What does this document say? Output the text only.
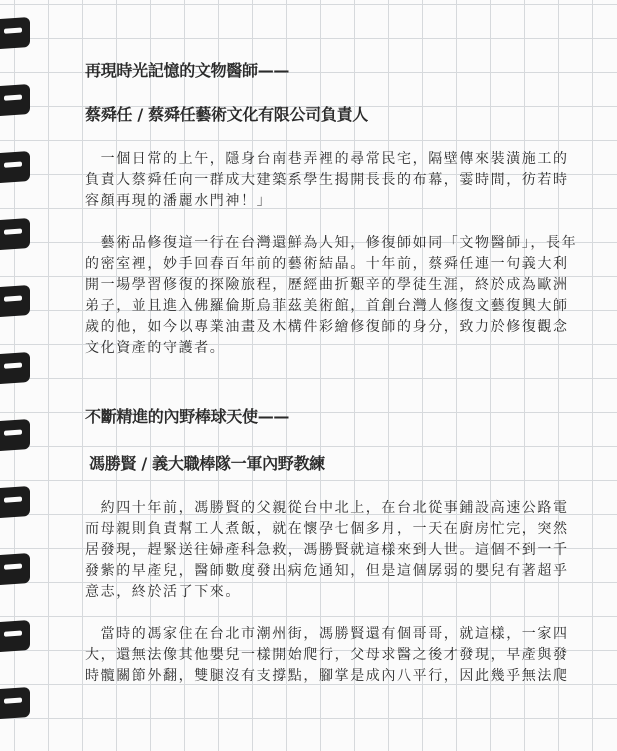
再現時光記憶的文物醫師——
蔡舜任 / 蔡舜任藝術文化有限公司負責人

　一個日常的上午，隱身台南巷弄裡的尋常民宅，隔壁傳來裝潢施工的
負責人蔡舜任向一群成大建築系學生揭開長長的布幕，霎時間，彷若時
容顏再現的潘麗水門神！」

　藝術品修復這一行在台灣還鮮為人知，修復師如同「文物醫師」，長年
的密室裡，妙手回春百年前的藝術結晶。十年前，蔡舜任連一句義大利
開一場學習修復的探險旅程，歷經曲折艱辛的學徒生涯，終於成為歐洲
弟子，並且進入佛羅倫斯烏菲茲美術館，首創台灣人修復文藝復興大師
歲的他，如今以專業油畫及木構件彩繪修復師的身分，致力於修復觀念
文化資產的守護者。

不斷精進的內野棒球天使——
馮勝賢 / 義大職棒隊一軍內野教練

　約四十年前，馮勝賢的父親從台中北上，在台北從事鋪設高速公路電
而母親則負責幫工人煮飯，就在懷孕七個多月，一天在廚房忙完，突然
居發現，趕緊送往婦產科急救，馮勝賢就這樣來到人世。這個不到一千
發紫的早產兒，醫師數度發出病危通知，但是這個孱弱的嬰兒有著超乎
意志，終於活了下來。

　當時的馮家住在台北市潮州街，馮勝賢還有個哥哥，就這樣，一家四
大，還無法像其他嬰兒一樣開始爬行，父母求醫之後才發現，早產與發
時髖關節外翻，雙腿沒有支撐點，腳掌是成內八平行，因此幾乎無法爬
